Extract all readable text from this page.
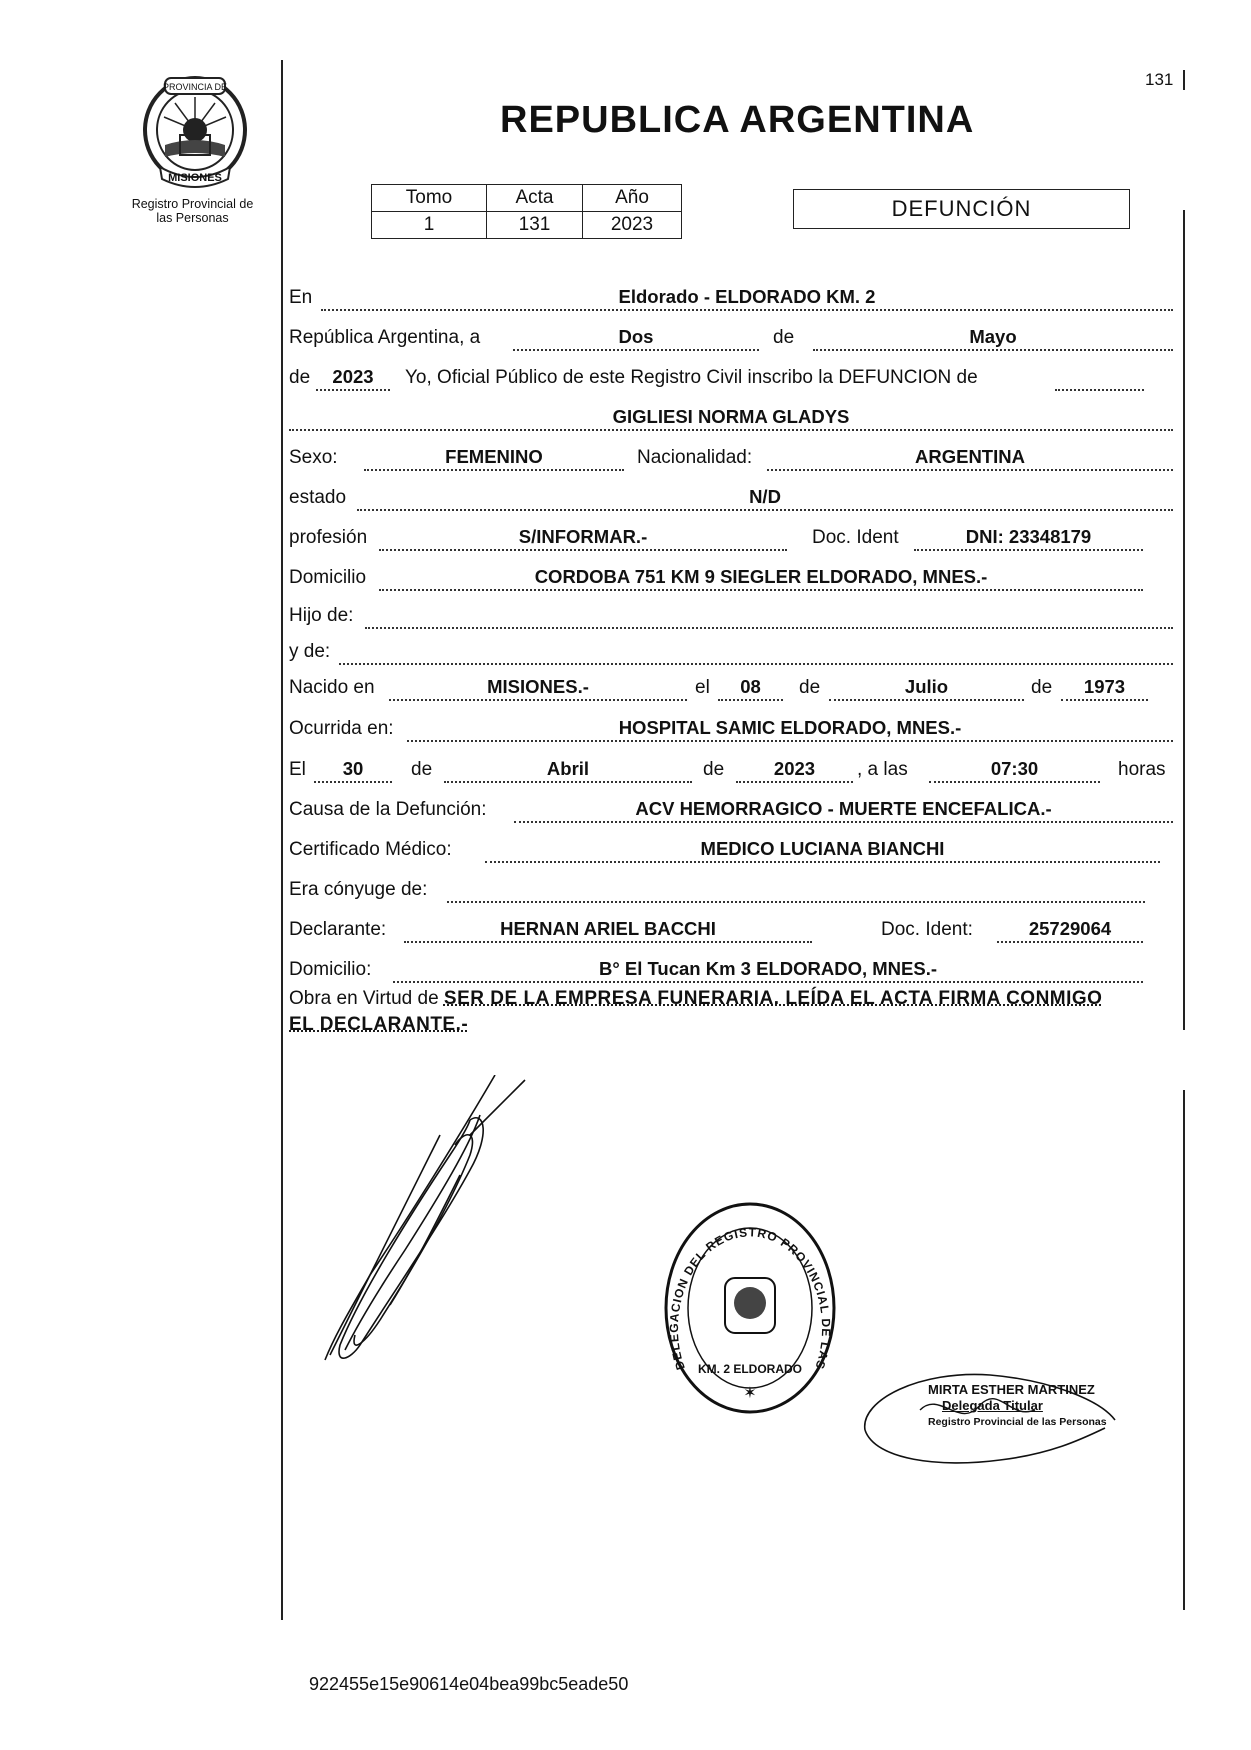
131
PROVINCIA DE
MISIONES
Registro Provincial de
las Personas
REPUBLICA ARGENTINA
Tomo	Acta	Año
1	131	2023
DEFUNCIÓN
En	Eldorado - ELDORADO KM. 2
República Argentina, a	Dos	de	Mayo
de	2023	Yo, Oficial Público de este Registro Civil inscribo la DEFUNCION de
GIGLIESI NORMA GLADYS
Sexo:	FEMENINO	Nacionalidad:	ARGENTINA
estado	N/D
profesión	S/INFORMAR.-	Doc. Ident	DNI: 23348179
Domicilio	CORDOBA 751 KM 9 SIEGLER ELDORADO, MNES.-
Hijo de:
y de:
Nacido en	MISIONES.-	el	08	de	Julio	de	1973
Ocurrida en:	HOSPITAL SAMIC ELDORADO, MNES.-
El	30	de	Abril	de	2023	, a las	07:30	horas
Causa de la Defunción:	ACV HEMORRAGICO - MUERTE ENCEFALICA.-
Certificado Médico:	MEDICO LUCIANA BIANCHI
Era cónyuge de:
Declarante:	HERNAN ARIEL BACCHI	Doc. Ident:	25729064
Domicilio:	B° El Tucan Km 3 ELDORADO, MNES.-
Obra en Virtud de SER DE LA EMPRESA FUNERARIA. LEÍDA EL ACTA FIRMA CONMIGO
EL DECLARANTE.-
DELEGACION DEL REGISTRO PROVINCIAL DE LAS
KM. 2 ELDORADO
✶	MIRTA ESTHER MARTINEZ
Delegada Titular
Registro Provincial de las Personas
922455e15e90614e04bea99bc5eade50
